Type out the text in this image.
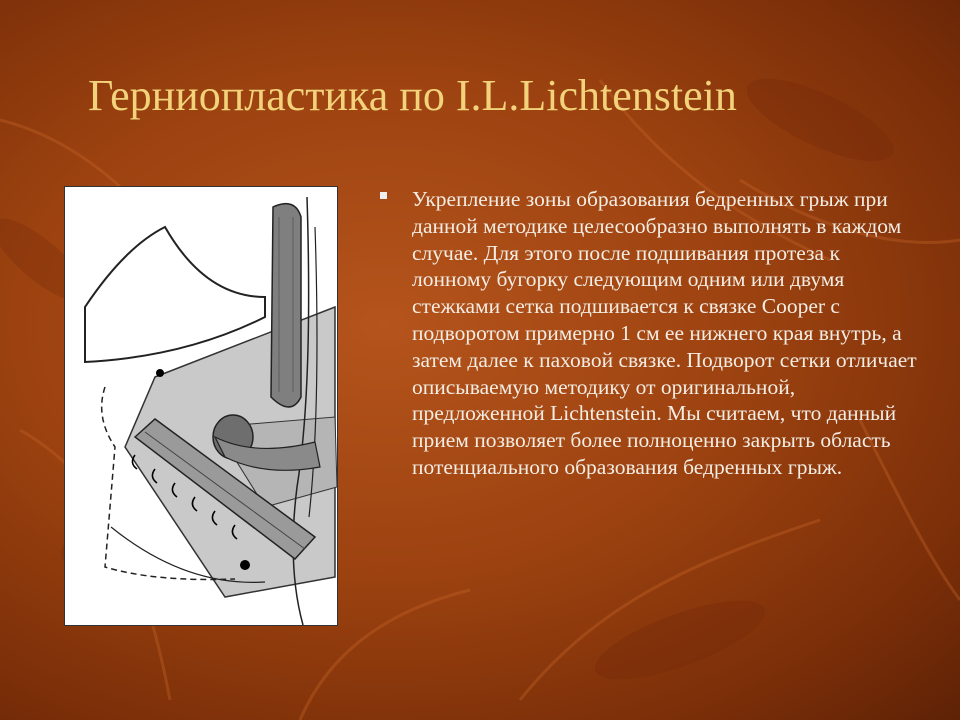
Герниопластика по I.L.Lichtenstein

Укрепление зоны образования бедренных грыж при данной методике целесообразно выполнять в каждом случае. Для этого после подшивания протеза к лонному бугорку следующим одним или двумя стежками сетка подшивается к связке Cooper с подворотом примерно 1 см ее нижнего края внутрь, а затем далее к паховой связке. Подворот сетки отличает описываемую методику от оригинальной, предложенной Lichtenstein. Мы считаем, что данный прием позволяет более полноценно закрыть область потенциального образования бедренных грыж.
